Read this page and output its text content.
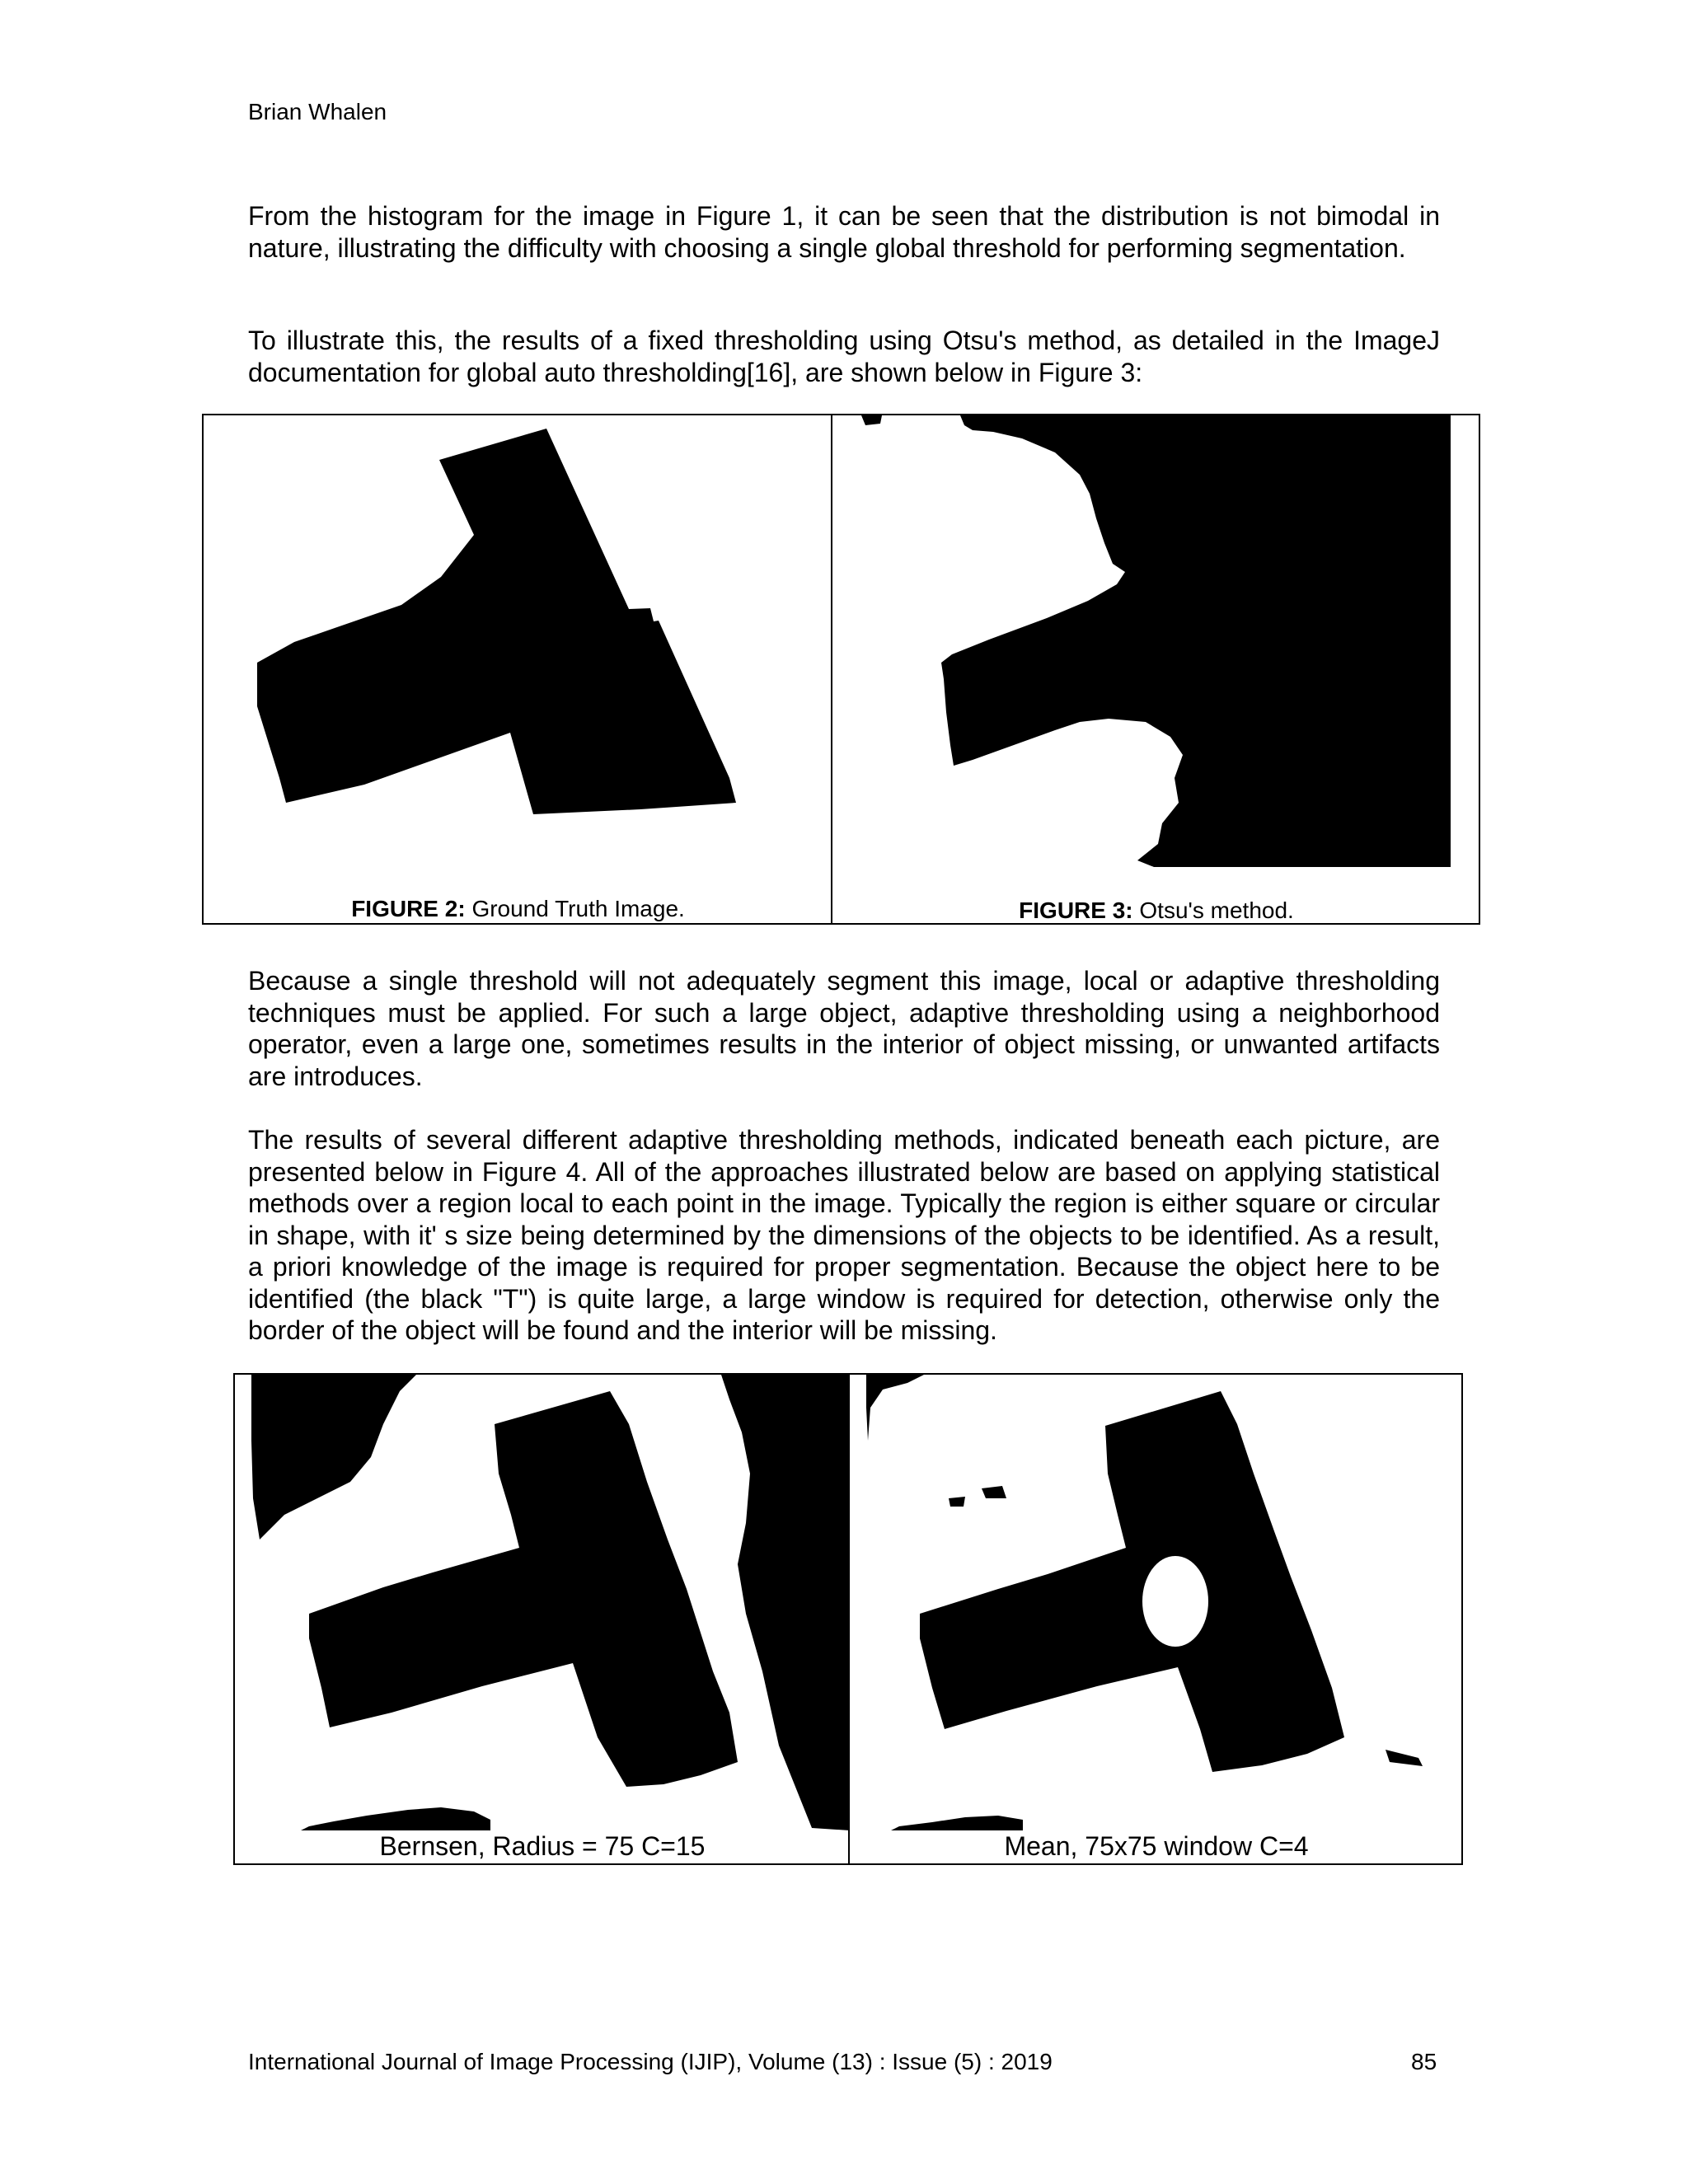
Brian Whalen

From the histogram for the image in Figure 1, it can be seen that the distribution is not bimodal in nature, illustrating the difficulty with choosing a single global threshold for performing segmentation.

To illustrate this, the results of a fixed thresholding using Otsu's method, as detailed in the ImageJ documentation for global auto thresholding[16], are shown below in Figure 3:

FIGURE 2: Ground Truth Image.	FIGURE 3: Otsu's method.

Because a single threshold will not adequately segment this image, local or adaptive thresholding techniques must be applied. For such a large object, adaptive thresholding using a neighborhood operator, even a large one, sometimes results in the interior of object missing, or unwanted artifacts are introduces.

The results of several different adaptive thresholding methods, indicated beneath each picture, are presented below in Figure 4. All of the approaches illustrated below are based on applying statistical methods over a region local to each point in the image. Typically the region is either square or circular in shape, with it' s size being determined by the dimensions of the objects to be identified. As a result, a priori knowledge of the image is required for proper segmentation. Because the object here to be identified (the black "T") is quite large, a large window is required for detection, otherwise only the border of the object will be found and the interior will be missing.

Bernsen, Radius = 75 C=15	Mean, 75x75 window C=4
International Journal of Image Processing (IJIP), Volume (13) : Issue (5) : 2019	85
